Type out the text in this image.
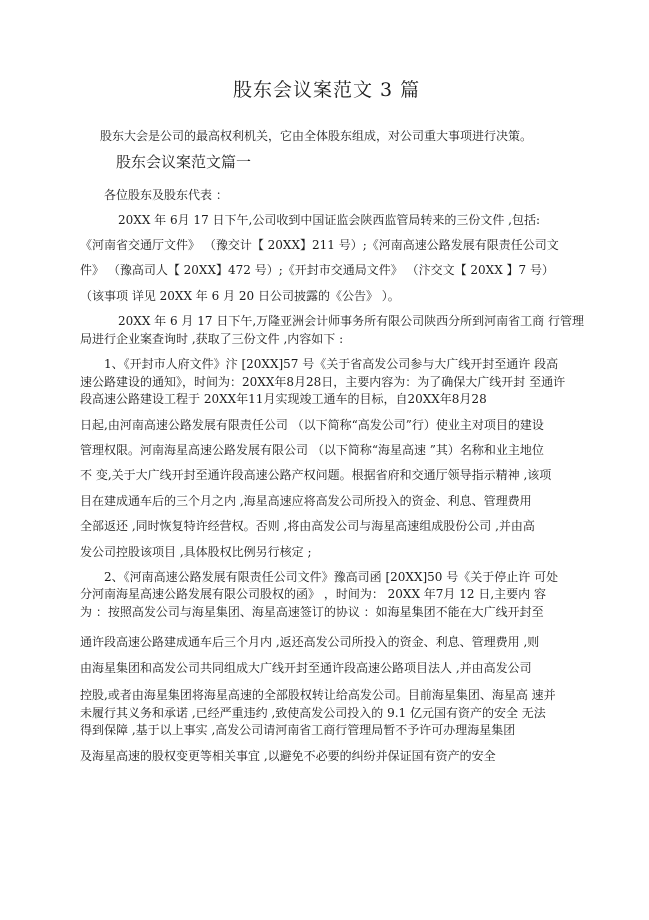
股东会议案范文 3 篇
股东大会是公司的最高权利机关，它由全体股东组成，对公司重大事项进行决策。
股东会议案范文篇一
各位股东及股东代表 ：
20XX 年 6月 17 日下午,公司收到中国证监会陕西监管局转来的三份文件 ,包括:
《河南省交通厅文件》 （豫交计【 20XX】211 号）;《河南高速公路发展有限责任公司文
件》 （豫高司人【 20XX】472 号）;《开封市交通局文件》 （汴交文【 20XX 】7 号）
（该事项 详见 20XX 年 6 月 20 日公司披露的《公告》 ）。
20XX 年 6 月 17 日下午,万隆亚洲会计师事务所有限公司陕西分所到河南省工商 行管理
局进行企业案查询时 ,获取了三份文件 ,内容如下 :
1、《开封市人府文件》汴 [20XX]57 号《关于省高发公司参与大广线开封至通许 段高
速公路建设的通知》，时间为：20XX年8月28日，主要内容为：为了确保大广线开封 至通许
段高速公路建设工程于 20XX年11月实现竣工通车的目标，自20XX年8月28
日起,由河南高速公路发展有限责任公司 （以下简称“高发公司”行）使业主对项目的建设
管理权限。河南海星高速公路发展有限公司 （以下简称“海星高速 ”其）名称和业主地位
不 变,关于大广线开封至通许段高速公路产权问题。根据省府和交通厅领导指示精神 ,该项
目在建成通车后的三个月之内 ,海星高速应将高发公司所投入的资金、利息、管理费用
全部返还 ,同时恢复特许经营权。否则 ,将由高发公司与海星高速组成股份公司 ,并由高
发公司控股该项目 ,具体股权比例另行核定 ;
2、《河南高速公路发展有限责任公司文件》豫高司函 [20XX]50 号《关于停止许 可处
分河南海星高速公路发展有限公司股权的函》 ，时间为： 20XX 年7月 12 日,主要内 容
为 ：按照高发公司与海星集团、海星高速签订的协议 ：如海星集团不能在大广线开封至
通许段高速公路建成通车后三个月内 ,返还高发公司所投入的资金、利息、管理费用 ,则
由海星集团和高发公司共同组成大广线开封至通许段高速公路项目法人 ,并由高发公司
控股,或者由海星集团将海星高速的全部股权转让给高发公司。目前海星集团、海星高 速并
未履行其义务和承诺 ,已经严重违约 ,致使高发公司投入的 9.1 亿元国有资产的安全 无法
得到保障 ,基于以上事实 ,高发公司请河南省工商行管理局暂不予许可办理海星集团
及海星高速的股权变更等相关事宜 ,以避免不必要的纠纷并保证国有资产的安全
